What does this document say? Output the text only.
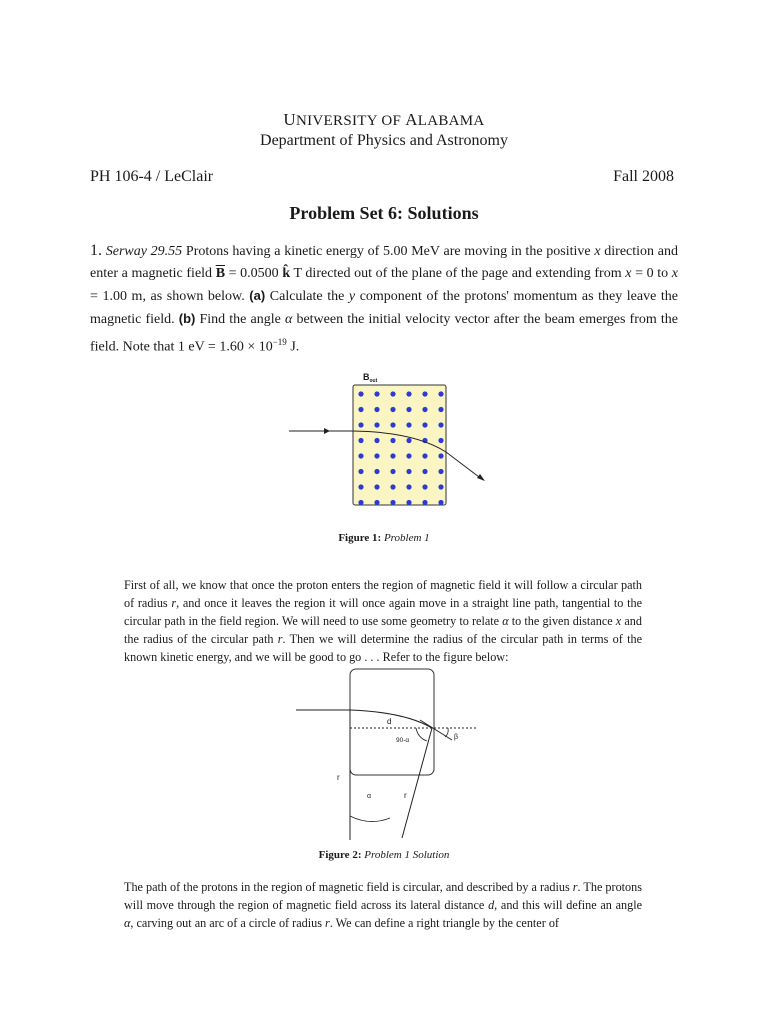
UNIVERSITY OF ALABAMA
Department of Physics and Astronomy
PH 106-4 / LeClair	Fall 2008
Problem Set 6: Solutions
1. Serway 29.55 Protons having a kinetic energy of 5.00 MeV are moving in the positive x direction and enter a magnetic field $\overline{B} = 0.0500$ k̂ T directed out of the plane of the page and extending from x = 0 to x = 1.00 m, as shown below. (a) Calculate the y component of the protons' momentum as they leave the magnetic field. (b) Find the angle α between the initial velocity vector after the beam emerges from the field. Note that 1 eV = $1.60 \times 10^{-19}$ J.
$B_{out}$
Figure 1: Problem 1
First of all, we know that once the proton enters the region of magnetic field it will follow a circular path of radius r, and once it leaves the region it will once again move in a straight line path, tangential to the circular path in the field region. We will need to use some geometry to relate α to the given distance x and the radius of the circular path r. Then we will determine the radius of the circular path in terms of the known kinetic energy, and we will be good to go . . . Refer to the figure below:
d
90-α	β
r
α	r
Figure 2: Problem 1 Solution
The path of the protons in the region of magnetic field is circular, and described by a radius r. The protons will move through the region of magnetic field across its lateral distance d, and this will define an angle α, carving out an arc of a circle of radius r. We can define a right triangle by the center of
